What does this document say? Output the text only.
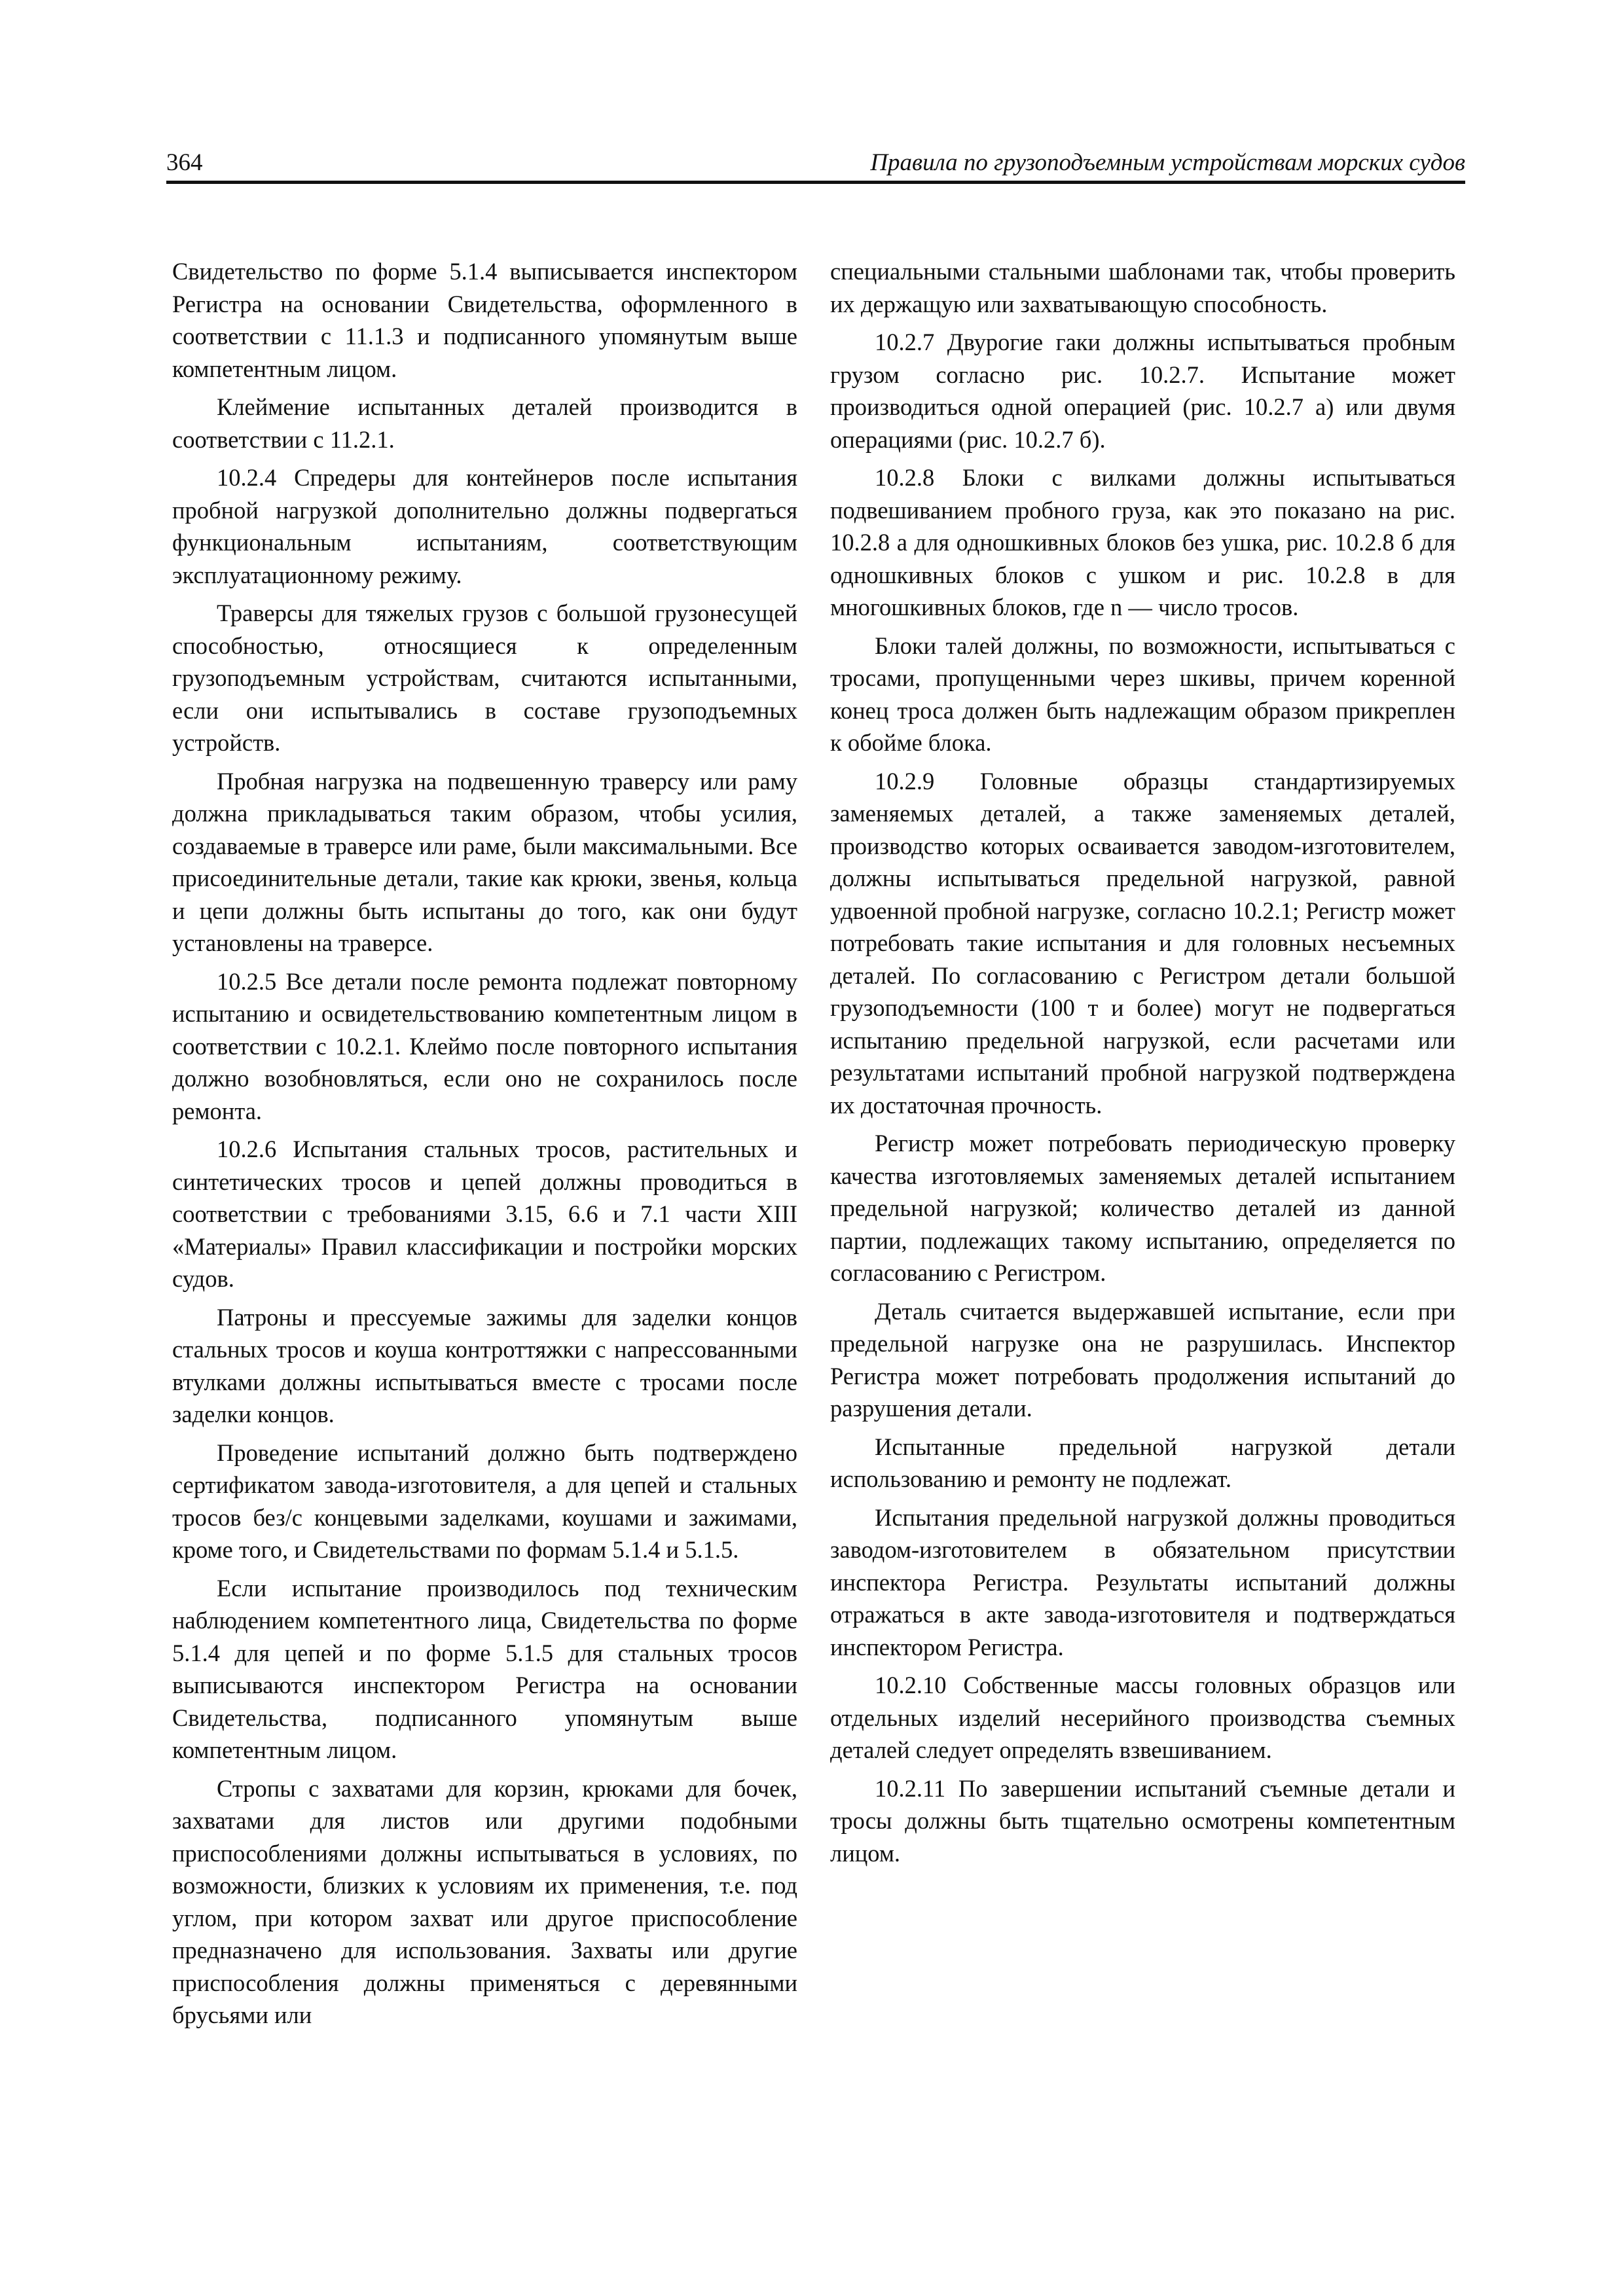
364	Правила по грузоподъемным устройствам морских судов

Свидетельство по форме 5.1.4 выписывается инспектором Регистра на основании Свидетельства, оформленного в соответствии с 11.1.3 и подписанного упомянутым выше компетентным лицом.

Клеймение испытанных деталей производится в соответствии с 11.2.1.

10.2.4 Спредеры для контейнеров после испытания пробной нагрузкой дополнительно должны подвергаться функциональным испытаниям, соответствующим эксплуатационному режиму.

Траверсы для тяжелых грузов с большой грузонесущей способностью, относящиеся к определенным грузоподъемным устройствам, считаются испытанными, если они испытывались в составе грузоподъемных устройств.

Пробная нагрузка на подвешенную траверсу или раму должна прикладываться таким образом, чтобы усилия, создаваемые в траверсе или раме, были максимальными. Все присоединительные детали, такие как крюки, звенья, кольца и цепи должны быть испытаны до того, как они будут установлены на траверсе.

10.2.5 Все детали после ремонта подлежат повторному испытанию и освидетельствованию компетентным лицом в соответствии с 10.2.1. Клеймо после повторного испытания должно возобновляться, если оно не сохранилось после ремонта.

10.2.6 Испытания стальных тросов, растительных и синтетических тросов и цепей должны проводиться в соответствии с требованиями 3.15, 6.6 и 7.1 части XIII «Материалы» Правил классификации и постройки морских судов.

Патроны и прессуемые зажимы для заделки концов стальных тросов и коуша контроттяжки с напрессованными втулками должны испытываться вместе с тросами после заделки концов.

Проведение испытаний должно быть подтверждено сертификатом завода-изготовителя, а для цепей и стальных тросов без/с концевыми заделками, коушами и зажимами, кроме того, и Свидетельствами по формам 5.1.4 и 5.1.5.

Если испытание производилось под техническим наблюдением компетентного лица, Свидетельства по форме 5.1.4 для цепей и по форме 5.1.5 для стальных тросов выписываются инспектором Регистра на основании Свидетельства, подписанного упомянутым выше компетентным лицом.

Стропы с захватами для корзин, крюками для бочек, захватами для листов или другими подобными приспособлениями должны испытываться в условиях, по возможности, близких к условиям их применения, т.е. под углом, при котором захват или другое приспособление предназначено для использования. Захваты или другие приспособления должны применяться с деревянными брусьями или

специальными стальными шаблонами так, чтобы проверить их держащую или захватывающую способность.

10.2.7 Двурогие гаки должны испытываться пробным грузом согласно рис. 10.2.7. Испытание может производиться одной операцией (рис. 10.2.7 а) или двумя операциями (рис. 10.2.7 б).

10.2.8 Блоки с вилками должны испытываться подвешиванием пробного груза, как это показано на рис. 10.2.8 а для одношкивных блоков без ушка, рис. 10.2.8 б для одношкивных блоков с ушком и рис. 10.2.8 в для многошкивных блоков, где n — число тросов.

Блоки талей должны, по возможности, испытываться с тросами, пропущенными через шкивы, причем коренной конец троса должен быть надлежащим образом прикреплен к обойме блока.

10.2.9 Головные образцы стандартизируемых заменяемых деталей, а также заменяемых деталей, производство которых осваивается заводом-изготовителем, должны испытываться предельной нагрузкой, равной удвоенной пробной нагрузке, согласно 10.2.1; Регистр может потребовать такие испытания и для головных несъемных деталей. По согласованию с Регистром детали большой грузоподъемности (100 т и более) могут не подвергаться испытанию предельной нагрузкой, если расчетами или результатами испытаний пробной нагрузкой подтверждена их достаточная прочность.

Регистр может потребовать периодическую проверку качества изготовляемых заменяемых деталей испытанием предельной нагрузкой; количество деталей из данной партии, подлежащих такому испытанию, определяется по согласованию с Регистром.

Деталь считается выдержавшей испытание, если при предельной нагрузке она не разрушилась. Инспектор Регистра может потребовать продолжения испытаний до разрушения детали.

Испытанные предельной нагрузкой детали использованию и ремонту не подлежат.

Испытания предельной нагрузкой должны проводиться заводом-изготовителем в обязательном присутствии инспектора Регистра. Результаты испытаний должны отражаться в акте завода-изготовителя и подтверждаться инспектором Регистра.

10.2.10 Собственные массы головных образцов или отдельных изделий несерийного производства съемных деталей следует определять взвешиванием.

10.2.11 По завершении испытаний съемные детали и тросы должны быть тщательно осмотрены компетентным лицом.
